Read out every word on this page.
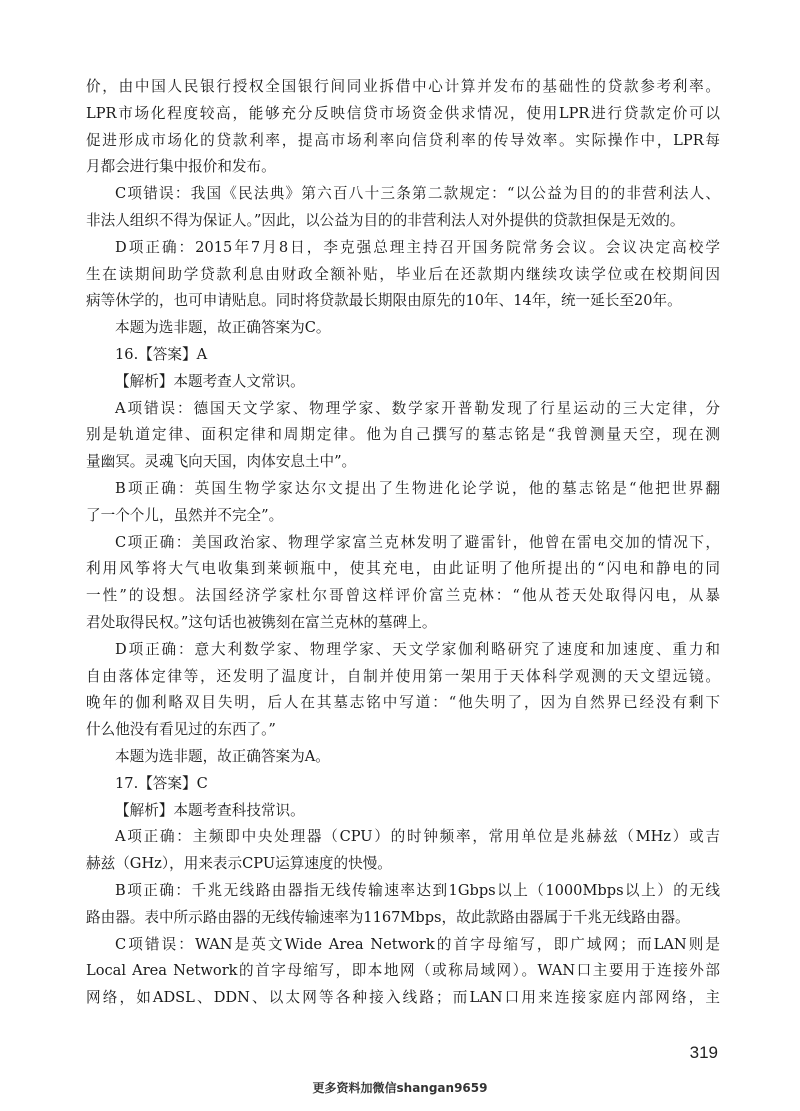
价，由中国人民银行授权全国银行间同业拆借中心计算并发布的基础性的贷款参考利率。
LPR市场化程度较高，能够充分反映信贷市场资金供求情况，使用LPR进行贷款定价可以
促进形成市场化的贷款利率，提高市场利率向信贷利率的传导效率。实际操作中，LPR每
月都会进行集中报价和发布。
C项错误：我国《民法典》第六百八十三条第二款规定：“以公益为目的的非营利法人、
非法人组织不得为保证人。”因此，以公益为目的的非营利法人对外提供的贷款担保是无效的。
D项正确：2015年7月8日，李克强总理主持召开国务院常务会议。会议决定高校学
生在读期间助学贷款利息由财政全额补贴，毕业后在还款期内继续攻读学位或在校期间因
病等休学的，也可申请贴息。同时将贷款最长期限由原先的10年、14年，统一延长至20年。
本题为选非题，故正确答案为C。
16.【答案】A
【解析】本题考查人文常识。
A项错误：德国天文学家、物理学家、数学家开普勒发现了行星运动的三大定律，分
别是轨道定律、面积定律和周期定律。他为自己撰写的墓志铭是“我曾测量天空，现在测
量幽冥。灵魂飞向天国，肉体安息土中”。
B项正确：英国生物学家达尔文提出了生物进化论学说，他的墓志铭是“他把世界翻
了一个个儿，虽然并不完全”。
C项正确：美国政治家、物理学家富兰克林发明了避雷针，他曾在雷电交加的情况下，
利用风筝将大气电收集到莱顿瓶中，使其充电，由此证明了他所提出的“闪电和静电的同
一性”的设想。法国经济学家杜尔哥曾这样评价富兰克林：“他从苍天处取得闪电，从暴
君处取得民权。”这句话也被镌刻在富兰克林的墓碑上。
D项正确：意大利数学家、物理学家、天文学家伽利略研究了速度和加速度、重力和
自由落体定律等，还发明了温度计，自制并使用第一架用于天体科学观测的天文望远镜。
晚年的伽利略双目失明，后人在其墓志铭中写道：“他失明了，因为自然界已经没有剩下
什么他没有看见过的东西了。”
本题为选非题，故正确答案为A。
17.【答案】C
【解析】本题考查科技常识。
A项正确：主频即中央处理器（CPU）的时钟频率，常用单位是兆赫兹（MHz）或吉
赫兹（GHz），用来表示CPU运算速度的快慢。
B项正确：千兆无线路由器指无线传输速率达到1Gbps以上（1000Mbps以上）的无线
路由器。表中所示路由器的无线传输速率为1167Mbps，故此款路由器属于千兆无线路由器。
C项错误：WAN是英文Wide Area Network的首字母缩写，即广域网；而LAN则是
Local Area Network的首字母缩写，即本地网（或称局域网）。WAN口主要用于连接外部
网络，如ADSL、DDN、以太网等各种接入线路；而LAN口用来连接家庭内部网络，主
319
更多资料加微信shangan9659
